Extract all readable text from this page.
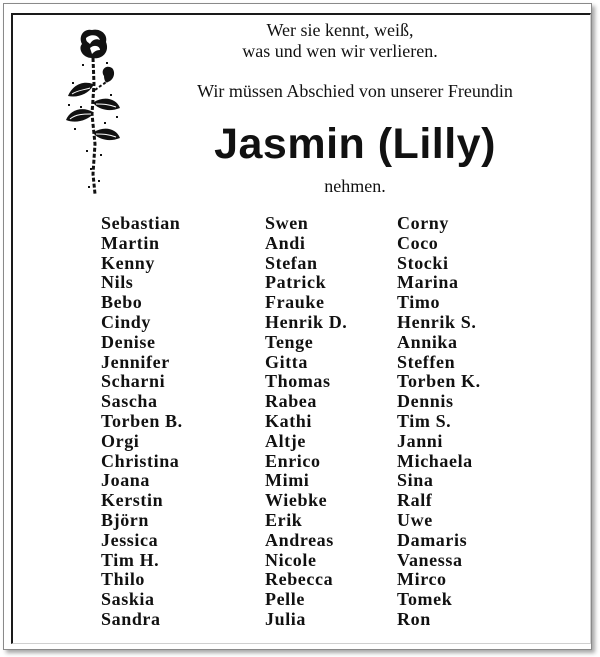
Wer sie kennt, weiß,
was und wen wir verlieren.
Wir müssen Abschied von unserer Freundin
Jasmin (Lilly)
nehmen.
Sebastian
Martin
Kenny
Nils
Bebo
Cindy
Denise
Jennifer
Scharni
Sascha
Torben B.
Orgi
Christina
Joana
Kerstin
Björn
Jessica
Tim H.
Thilo
Saskia
Sandra
Swen
Andi
Stefan
Patrick
Frauke
Henrik D.
Tenge
Gitta
Thomas
Rabea
Kathi
Altje
Enrico
Mimi
Wiebke
Erik
Andreas
Nicole
Rebecca
Pelle
Julia
Corny
Coco
Stocki
Marina
Timo
Henrik S.
Annika
Steffen
Torben K.
Dennis
Tim S.
Janni
Michaela
Sina
Ralf
Uwe
Damaris
Vanessa
Mirco
Tomek
Ron
